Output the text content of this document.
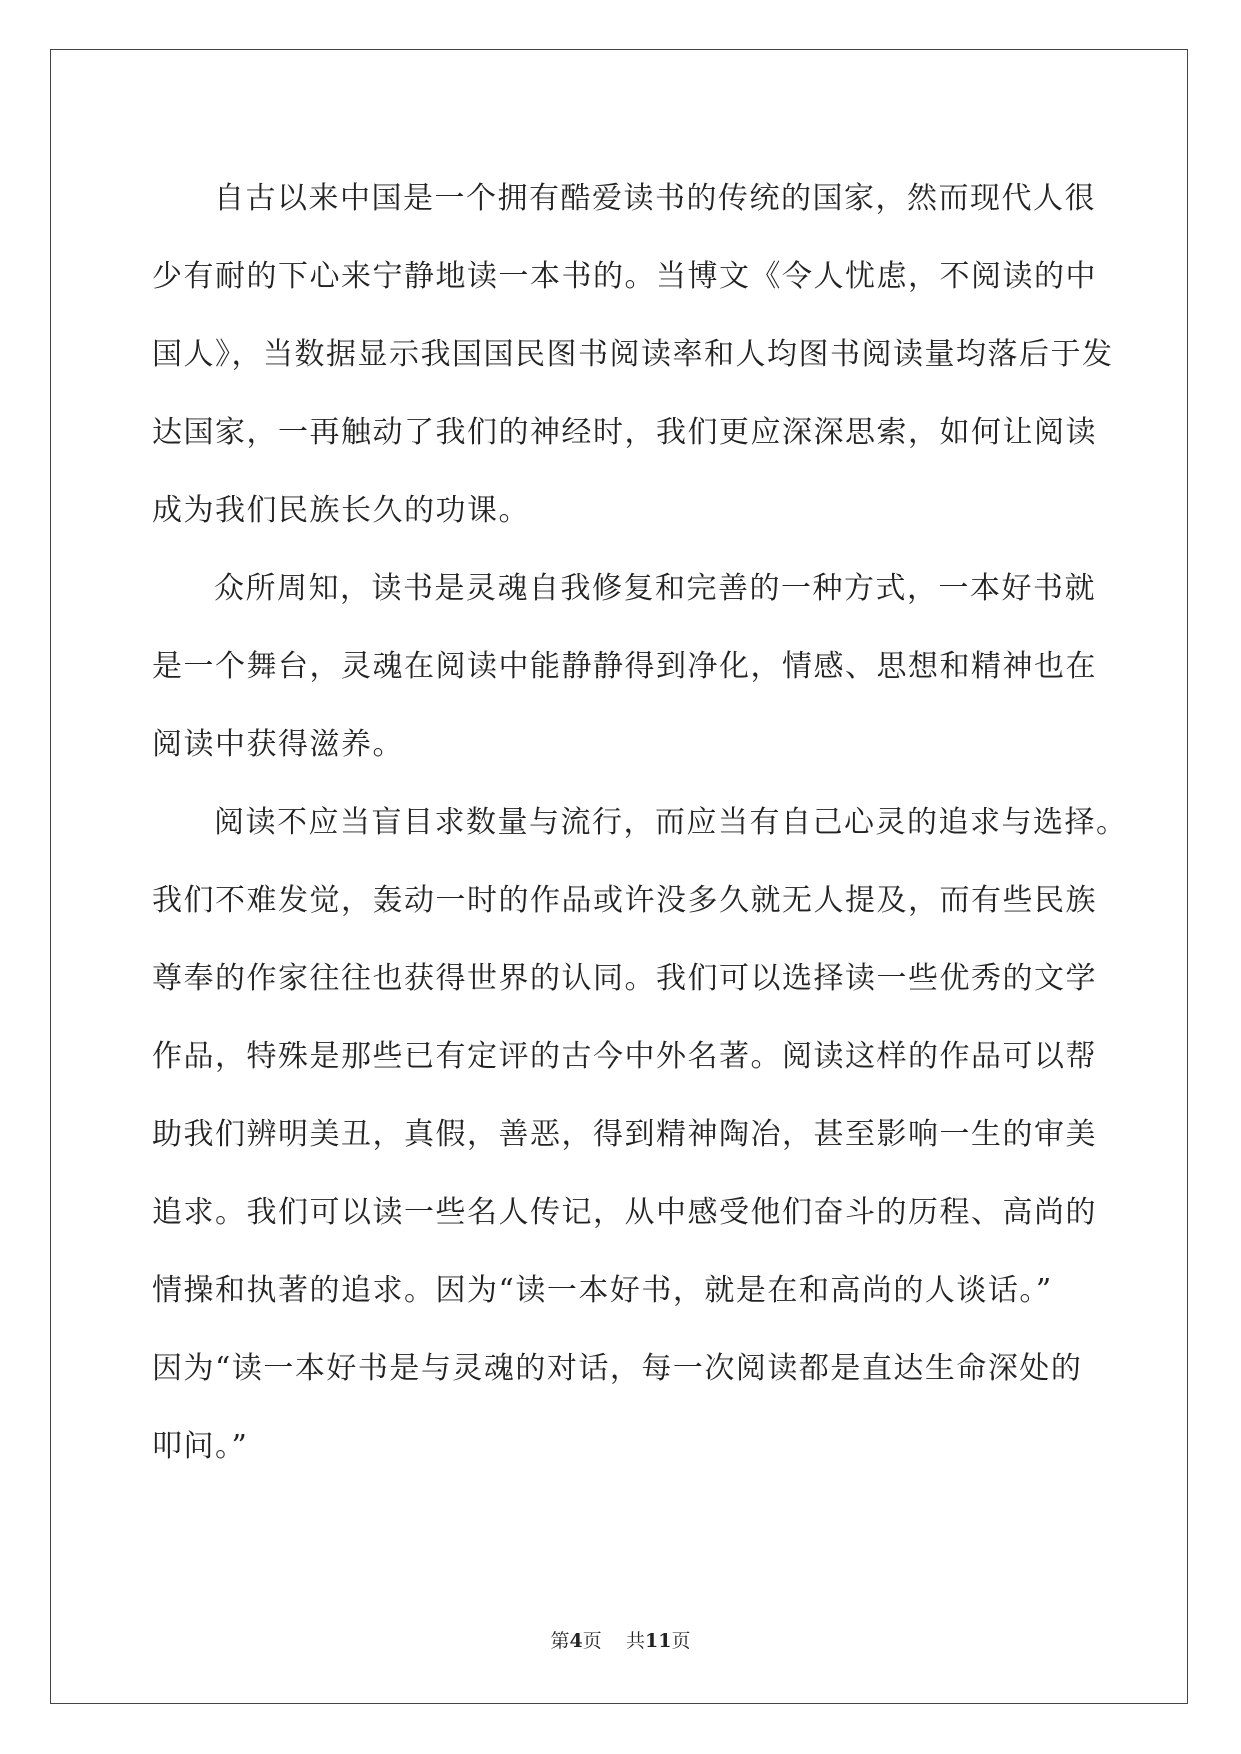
自古以来中国是一个拥有酷爱读书的传统的国家，然而现代人很
少有耐的下心来宁静地读一本书的。当博文《令人忧虑，不阅读的中
国人》，当数据显示我国国民图书阅读率和人均图书阅读量均落后于发
达国家，一再触动了我们的神经时，我们更应深深思索，如何让阅读
成为我们民族长久的功课。
众所周知，读书是灵魂自我修复和完善的一种方式，一本好书就
是一个舞台，灵魂在阅读中能静静得到净化，情感、思想和精神也在
阅读中获得滋养。
阅读不应当盲目求数量与流行，而应当有自己心灵的追求与选择。
我们不难发觉，轰动一时的作品或许没多久就无人提及，而有些民族
尊奉的作家往往也获得世界的认同。我们可以选择读一些优秀的文学
作品，特殊是那些已有定评的古今中外名著。阅读这样的作品可以帮
助我们辨明美丑，真假，善恶，得到精神陶冶，甚至影响一生的审美
追求。我们可以读一些名人传记，从中感受他们奋斗的历程、高尚的
情操和执著的追求。因为“读一本好书，就是在和高尚的人谈话。”
因为“读一本好书是与灵魂的对话，每一次阅读都是直达生命深处的
叩问。”
第4页 共11页
